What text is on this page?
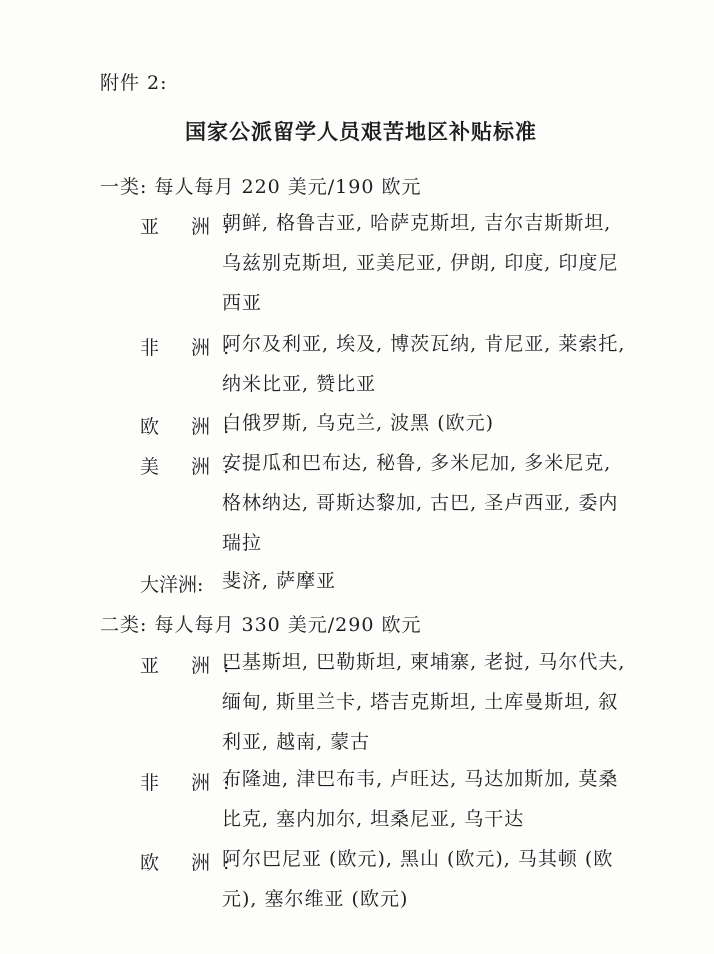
附件 2:
国家公派留学人员艰苦地区补贴标准
一类: 每人每月 220 美元/190 欧元
亚 洲:
朝鲜, 格鲁吉亚, 哈萨克斯坦, 吉尔吉斯斯坦, 乌兹别克斯坦, 亚美尼亚, 伊朗, 印度, 印度尼西亚
非 洲:
阿尔及利亚, 埃及, 博茨瓦纳, 肯尼亚, 莱索托, 纳米比亚, 赞比亚
欧 洲:
白俄罗斯, 乌克兰, 波黑 (欧元)
美 洲:
安提瓜和巴布达, 秘鲁, 多米尼加, 多米尼克, 格林纳达, 哥斯达黎加, 古巴, 圣卢西亚, 委内瑞拉
大洋洲: 斐济, 萨摩亚
二类: 每人每月 330 美元/290 欧元
亚 洲:
巴基斯坦, 巴勒斯坦, 柬埔寨, 老挝, 马尔代夫, 缅甸, 斯里兰卡, 塔吉克斯坦, 土库曼斯坦, 叙利亚, 越南, 蒙古
非 洲:
布隆迪, 津巴布韦, 卢旺达, 马达加斯加, 莫桑比克, 塞内加尔, 坦桑尼亚, 乌干达
欧 洲:
阿尔巴尼亚 (欧元), 黑山 (欧元), 马其顿 (欧元), 塞尔维亚 (欧元)
